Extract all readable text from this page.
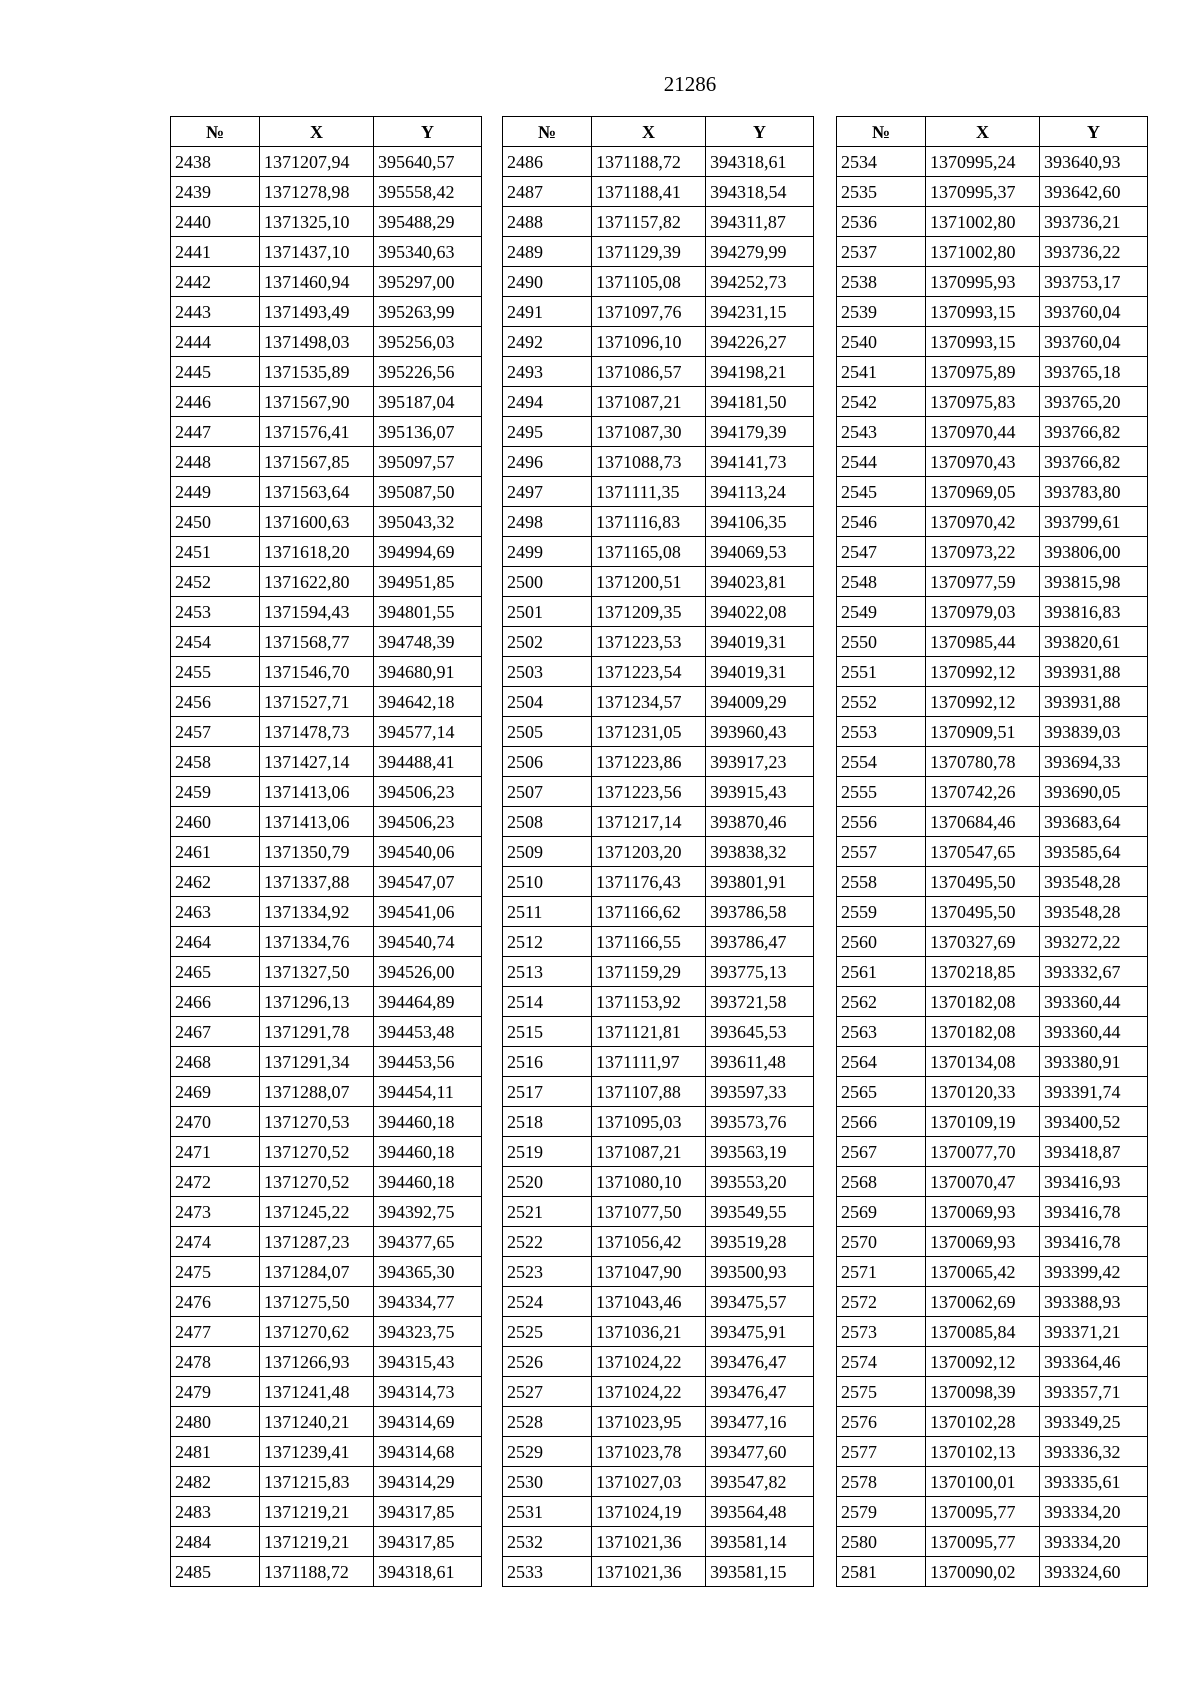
21286
№	X	Y
2438	1371207,94	395640,57
2439	1371278,98	395558,42
2440	1371325,10	395488,29
2441	1371437,10	395340,63
2442	1371460,94	395297,00
2443	1371493,49	395263,99
2444	1371498,03	395256,03
2445	1371535,89	395226,56
2446	1371567,90	395187,04
2447	1371576,41	395136,07
2448	1371567,85	395097,57
2449	1371563,64	395087,50
2450	1371600,63	395043,32
2451	1371618,20	394994,69
2452	1371622,80	394951,85
2453	1371594,43	394801,55
2454	1371568,77	394748,39
2455	1371546,70	394680,91
2456	1371527,71	394642,18
2457	1371478,73	394577,14
2458	1371427,14	394488,41
2459	1371413,06	394506,23
2460	1371413,06	394506,23
2461	1371350,79	394540,06
2462	1371337,88	394547,07
2463	1371334,92	394541,06
2464	1371334,76	394540,74
2465	1371327,50	394526,00
2466	1371296,13	394464,89
2467	1371291,78	394453,48
2468	1371291,34	394453,56
2469	1371288,07	394454,11
2470	1371270,53	394460,18
2471	1371270,52	394460,18
2472	1371270,52	394460,18
2473	1371245,22	394392,75
2474	1371287,23	394377,65
2475	1371284,07	394365,30
2476	1371275,50	394334,77
2477	1371270,62	394323,75
2478	1371266,93	394315,43
2479	1371241,48	394314,73
2480	1371240,21	394314,69
2481	1371239,41	394314,68
2482	1371215,83	394314,29
2483	1371219,21	394317,85
2484	1371219,21	394317,85
2485	1371188,72	394318,61
№	X	Y
2486	1371188,72	394318,61
2487	1371188,41	394318,54
2488	1371157,82	394311,87
2489	1371129,39	394279,99
2490	1371105,08	394252,73
2491	1371097,76	394231,15
2492	1371096,10	394226,27
2493	1371086,57	394198,21
2494	1371087,21	394181,50
2495	1371087,30	394179,39
2496	1371088,73	394141,73
2497	1371111,35	394113,24
2498	1371116,83	394106,35
2499	1371165,08	394069,53
2500	1371200,51	394023,81
2501	1371209,35	394022,08
2502	1371223,53	394019,31
2503	1371223,54	394019,31
2504	1371234,57	394009,29
2505	1371231,05	393960,43
2506	1371223,86	393917,23
2507	1371223,56	393915,43
2508	1371217,14	393870,46
2509	1371203,20	393838,32
2510	1371176,43	393801,91
2511	1371166,62	393786,58
2512	1371166,55	393786,47
2513	1371159,29	393775,13
2514	1371153,92	393721,58
2515	1371121,81	393645,53
2516	1371111,97	393611,48
2517	1371107,88	393597,33
2518	1371095,03	393573,76
2519	1371087,21	393563,19
2520	1371080,10	393553,20
2521	1371077,50	393549,55
2522	1371056,42	393519,28
2523	1371047,90	393500,93
2524	1371043,46	393475,57
2525	1371036,21	393475,91
2526	1371024,22	393476,47
2527	1371024,22	393476,47
2528	1371023,95	393477,16
2529	1371023,78	393477,60
2530	1371027,03	393547,82
2531	1371024,19	393564,48
2532	1371021,36	393581,14
2533	1371021,36	393581,15
№	X	Y
2534	1370995,24	393640,93
2535	1370995,37	393642,60
2536	1371002,80	393736,21
2537	1371002,80	393736,22
2538	1370995,93	393753,17
2539	1370993,15	393760,04
2540	1370993,15	393760,04
2541	1370975,89	393765,18
2542	1370975,83	393765,20
2543	1370970,44	393766,82
2544	1370970,43	393766,82
2545	1370969,05	393783,80
2546	1370970,42	393799,61
2547	1370973,22	393806,00
2548	1370977,59	393815,98
2549	1370979,03	393816,83
2550	1370985,44	393820,61
2551	1370992,12	393931,88
2552	1370992,12	393931,88
2553	1370909,51	393839,03
2554	1370780,78	393694,33
2555	1370742,26	393690,05
2556	1370684,46	393683,64
2557	1370547,65	393585,64
2558	1370495,50	393548,28
2559	1370495,50	393548,28
2560	1370327,69	393272,22
2561	1370218,85	393332,67
2562	1370182,08	393360,44
2563	1370182,08	393360,44
2564	1370134,08	393380,91
2565	1370120,33	393391,74
2566	1370109,19	393400,52
2567	1370077,70	393418,87
2568	1370070,47	393416,93
2569	1370069,93	393416,78
2570	1370069,93	393416,78
2571	1370065,42	393399,42
2572	1370062,69	393388,93
2573	1370085,84	393371,21
2574	1370092,12	393364,46
2575	1370098,39	393357,71
2576	1370102,28	393349,25
2577	1370102,13	393336,32
2578	1370100,01	393335,61
2579	1370095,77	393334,20
2580	1370095,77	393334,20
2581	1370090,02	393324,60
